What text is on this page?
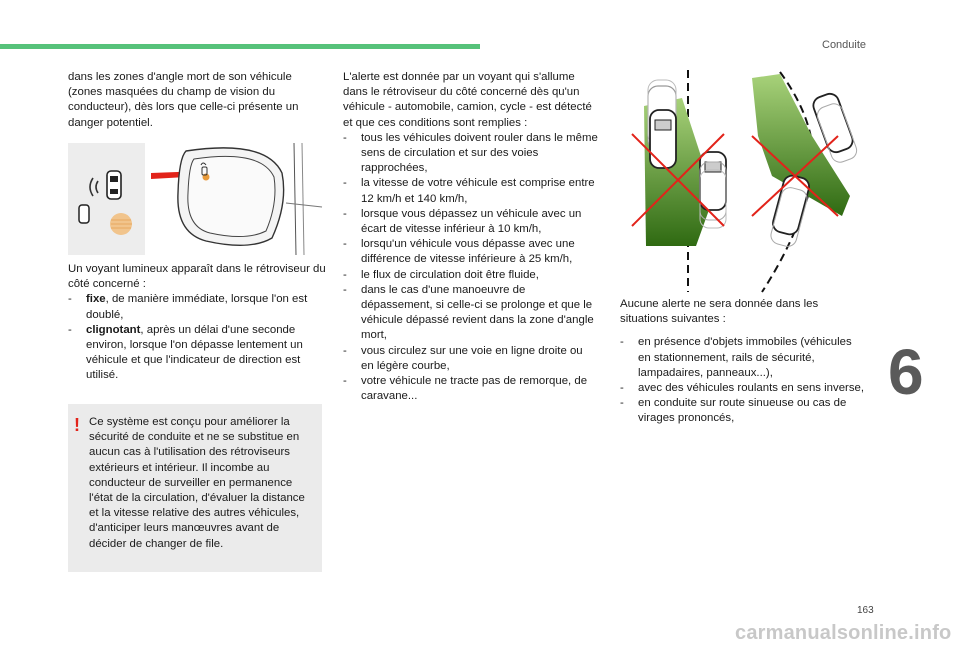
Conduite

dans les zones d'angle mort de son véhicule (zones masquées du champ de vision du conducteur), dès lors que celle-ci présente un danger potentiel.

Un voyant lumineux apparaît dans le rétroviseur du côté concerné :

- fixe, de manière immédiate, lorsque l'on est doublé,
- clignotant, après un délai d'une seconde environ, lorsque l'on dépasse lentement un véhicule et que l'indicateur de direction est utilisé.
! Ce système est conçu pour améliorer la sécurité de conduite et ne se substitue en aucun cas à l'utilisation des rétroviseurs extérieurs et intérieur. Il incombe au conducteur de surveiller en permanence l'état de la circulation, d'évaluer la distance et la vitesse relative des autres véhicules, d'anticiper leurs manœuvres avant de décider de changer de file.

L'alerte est donnée par un voyant qui s'allume dans le rétroviseur du côté concerné dès qu'un véhicule - automobile, camion, cycle - est détecté et que ces conditions sont remplies :

- tous les véhicules doivent rouler dans le même sens de circulation et sur des voies rapprochées,
- la vitesse de votre véhicule est comprise entre 12 km/h et 140 km/h,
- lorsque vous dépassez un véhicule avec un écart de vitesse inférieur à 10 km/h,
- lorsqu'un véhicule vous dépasse avec une différence de vitesse inférieure à 25 km/h,
- le flux de circulation doit être fluide,
- dans le cas d'une manoeuvre de dépassement, si celle-ci se prolonge et que le véhicule dépassé revient dans la zone d'angle mort,
- vous circulez sur une voie en ligne droite ou en légère courbe,
- votre véhicule ne tracte pas de remorque, de caravane...

Aucune alerte ne sera donnée dans les situations suivantes :

- en présence d'objets immobiles (véhicules en stationnement, rails de sécurité, lampadaires, panneaux...),
- avec des véhicules roulants en sens inverse,
- en conduite sur route sinueuse ou cas de virages prononcés,
6
163
carmanualsonline.info
